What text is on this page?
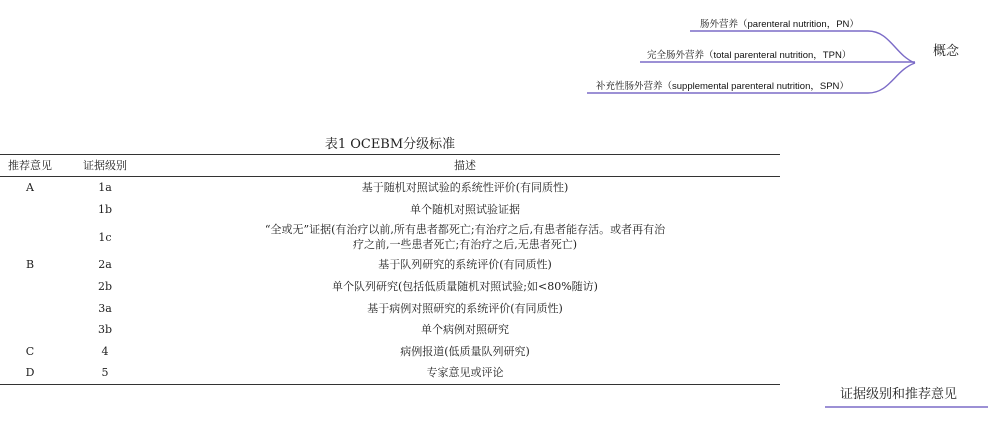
肠外营养（parenteral nutrition，PN）
完全肠外营养（total parenteral nutrition，TPN）
补充性肠外营养（supplemental parenteral nutrition，SPN）
概念
证据级别和推荐意见
表1 OCEBM分级标准
推荐意见	证据级别	描述
A	1a	基于随机对照试验的系统性评价(有同质性)
	1b	单个随机对照试验证据
	1c	“全或无”证据(有治疗以前,所有患者都死亡;有治疗之后,有患者能存活。或者再有治疗之前,一些患者死亡;有治疗之后,无患者死亡)
B	2a	基于队列研究的系统评价(有同质性)
	2b	单个队列研究(包括低质量随机对照试验;如<80%随访)
	3a	基于病例对照研究的系统评价(有同质性)
	3b	单个病例对照研究
C	4	病例报道(低质量队列研究)
D	5	专家意见或评论
